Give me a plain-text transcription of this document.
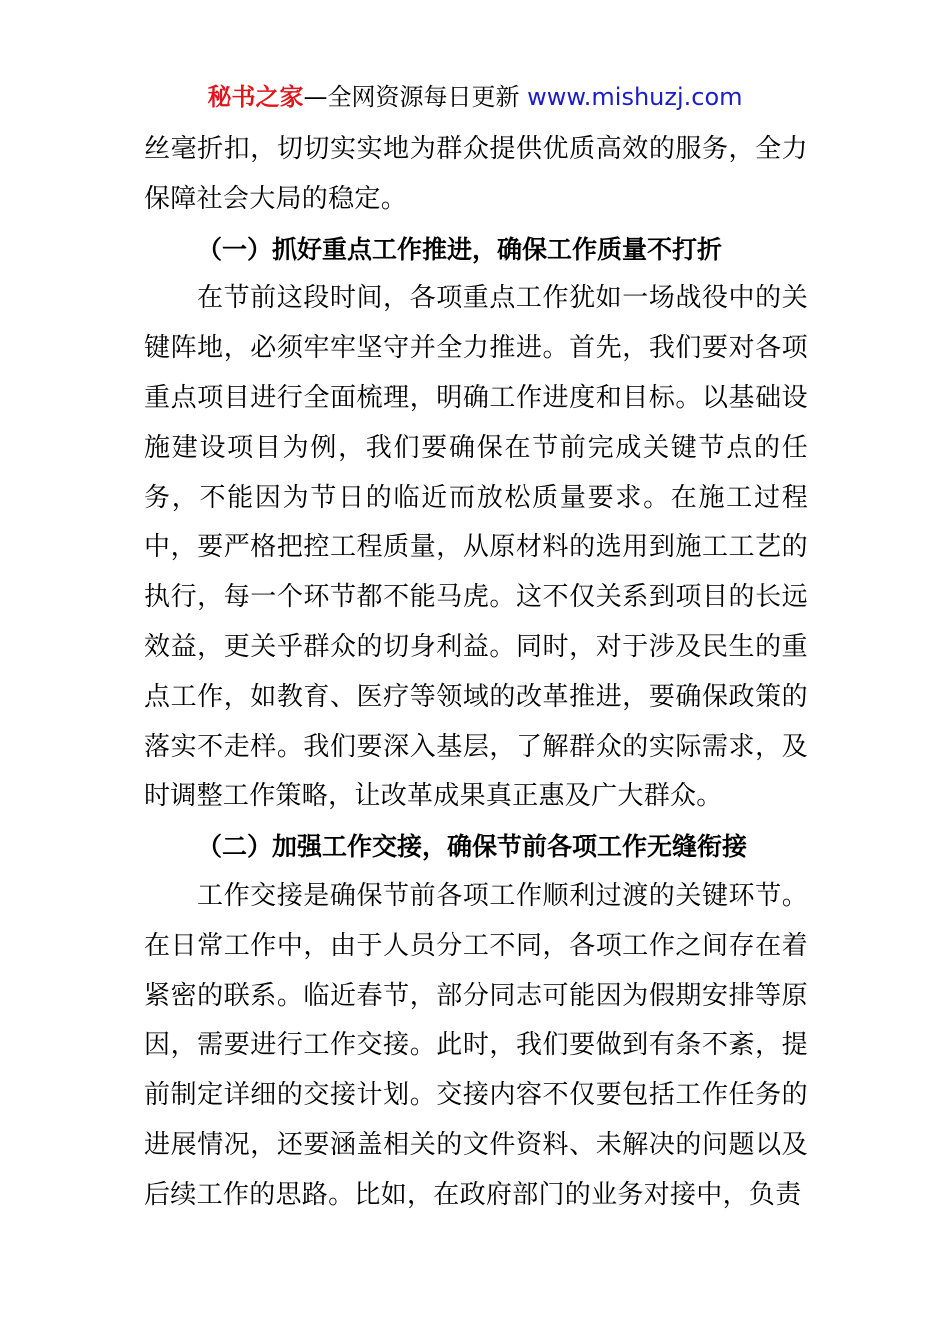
秘书之家—全网资源每日更新 www.mishuzj.com

丝毫折扣，切切实实地为群众提供优质高效的服务，全力保障社会大局的稳定。

（一）抓好重点工作推进，确保工作质量不打折

在节前这段时间，各项重点工作犹如一场战役中的关键阵地，必须牢牢坚守并全力推进。首先，我们要对各项重点项目进行全面梳理，明确工作进度和目标。以基础设施建设项目为例，我们要确保在节前完成关键节点的任务，不能因为节日的临近而放松质量要求。在施工过程中，要严格把控工程质量，从原材料的选用到施工工艺的执行，每一个环节都不能马虎。这不仅关系到项目的长远效益，更关乎群众的切身利益。同时，对于涉及民生的重点工作，如教育、医疗等领域的改革推进，要确保政策的落实不走样。我们要深入基层，了解群众的实际需求，及时调整工作策略，让改革成果真正惠及广大群众。

（二）加强工作交接，确保节前各项工作无缝衔接

工作交接是确保节前各项工作顺利过渡的关键环节。在日常工作中，由于人员分工不同，各项工作之间存在着紧密的联系。临近春节，部分同志可能因为假期安排等原因，需要进行工作交接。此时，我们要做到有条不紊，提前制定详细的交接计划。交接内容不仅要包括工作任务的进展情况，还要涵盖相关的文件资料、未解决的问题以及后续工作的思路。比如，在政府部门的业务对接中，负责
